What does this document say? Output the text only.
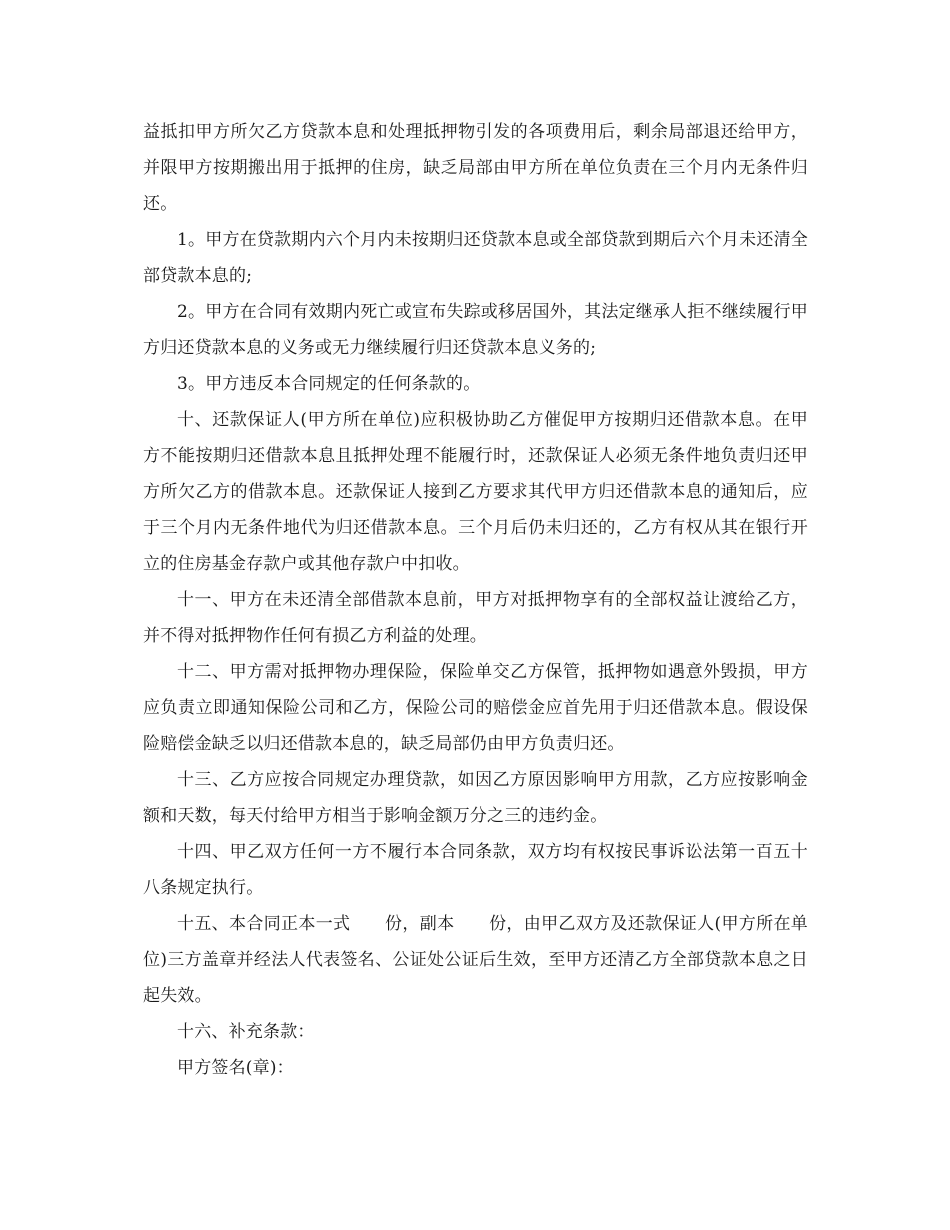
益抵扣甲方所欠乙方贷款本息和处理抵押物引发的各项费用后，剩余局部退还给甲方，并限甲方按期搬出用于抵押的住房，缺乏局部由甲方所在单位负责在三个月内无条件归还。

1。甲方在贷款期内六个月内未按期归还贷款本息或全部贷款到期后六个月未还清全部贷款本息的;

2。甲方在合同有效期内死亡或宣布失踪或移居国外，其法定继承人拒不继续履行甲方归还贷款本息的义务或无力继续履行归还贷款本息义务的;

3。甲方违反本合同规定的任何条款的。

十、还款保证人(甲方所在单位)应积极协助乙方催促甲方按期归还借款本息。在甲方不能按期归还借款本息且抵押处理不能履行时，还款保证人必须无条件地负责归还甲方所欠乙方的借款本息。还款保证人接到乙方要求其代甲方归还借款本息的通知后，应于三个月内无条件地代为归还借款本息。三个月后仍未归还的，乙方有权从其在银行开立的住房基金存款户或其他存款户中扣收。

十一、甲方在未还清全部借款本息前，甲方对抵押物享有的全部权益让渡给乙方，并不得对抵押物作任何有损乙方利益的处理。

十二、甲方需对抵押物办理保险，保险单交乙方保管，抵押物如遇意外毁损，甲方应负责立即通知保险公司和乙方，保险公司的赔偿金应首先用于归还借款本息。假设保险赔偿金缺乏以归还借款本息的，缺乏局部仍由甲方负责归还。

十三、乙方应按合同规定办理贷款，如因乙方原因影响甲方用款，乙方应按影响金额和天数，每天付给甲方相当于影响金额万分之三的违约金。

十四、甲乙双方任何一方不履行本合同条款，双方均有权按民事诉讼法第一百五十八条规定执行。

十五、本合同正本一式　　份，副本　　份，由甲乙双方及还款保证人(甲方所在单位)三方盖章并经法人代表签名、公证处公证后生效，至甲方还清乙方全部贷款本息之日起失效。

十六、补充条款：

甲方签名(章)：
